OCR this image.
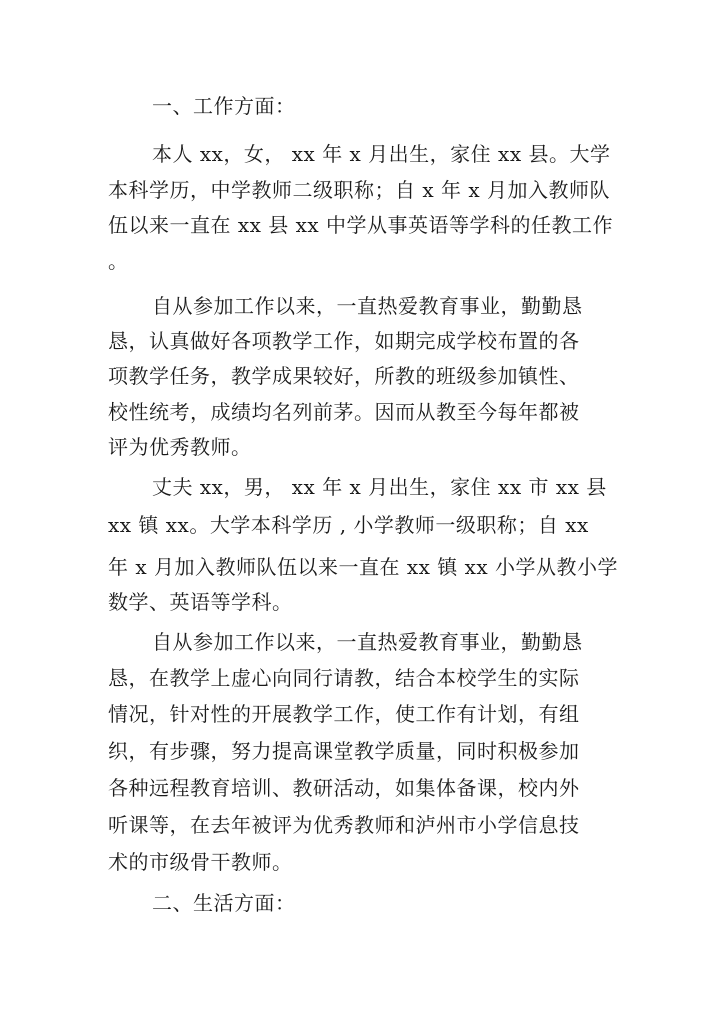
一、工作方面：
本人 xx，女， xx 年 x 月出生，家住 xx 县。大学
本科学历，中学教师二级职称；自 x 年 x 月加入教师队
伍以来一直在 xx 县 xx 中学从事英语等学科的任教工作
。
自从参加工作以来，一直热爱教育事业，勤勤恳
恳，认真做好各项教学工作，如期完成学校布置的各
项教学任务，教学成果较好，所教的班级参加镇性、
校性统考，成绩均名列前茅。因而从教至今每年都被
评为优秀教师。
丈夫 xx，男， xx 年 x 月出生，家住 xx 市 xx 县
xx 镇 xx。大学本科学历 , 小学教师一级职称；自 xx
年 x 月加入教师队伍以来一直在 xx 镇 xx 小学从教小学
数学、英语等学科。
自从参加工作以来，一直热爱教育事业，勤勤恳
恳，在教学上虚心向同行请教，结合本校学生的实际
情况，针对性的开展教学工作，使工作有计划，有组
织，有步骤，努力提高课堂教学质量，同时积极参加
各种远程教育培训、教研活动，如集体备课，校内外
听课等，在去年被评为优秀教师和泸州市小学信息技
术的市级骨干教师。
二、生活方面：
